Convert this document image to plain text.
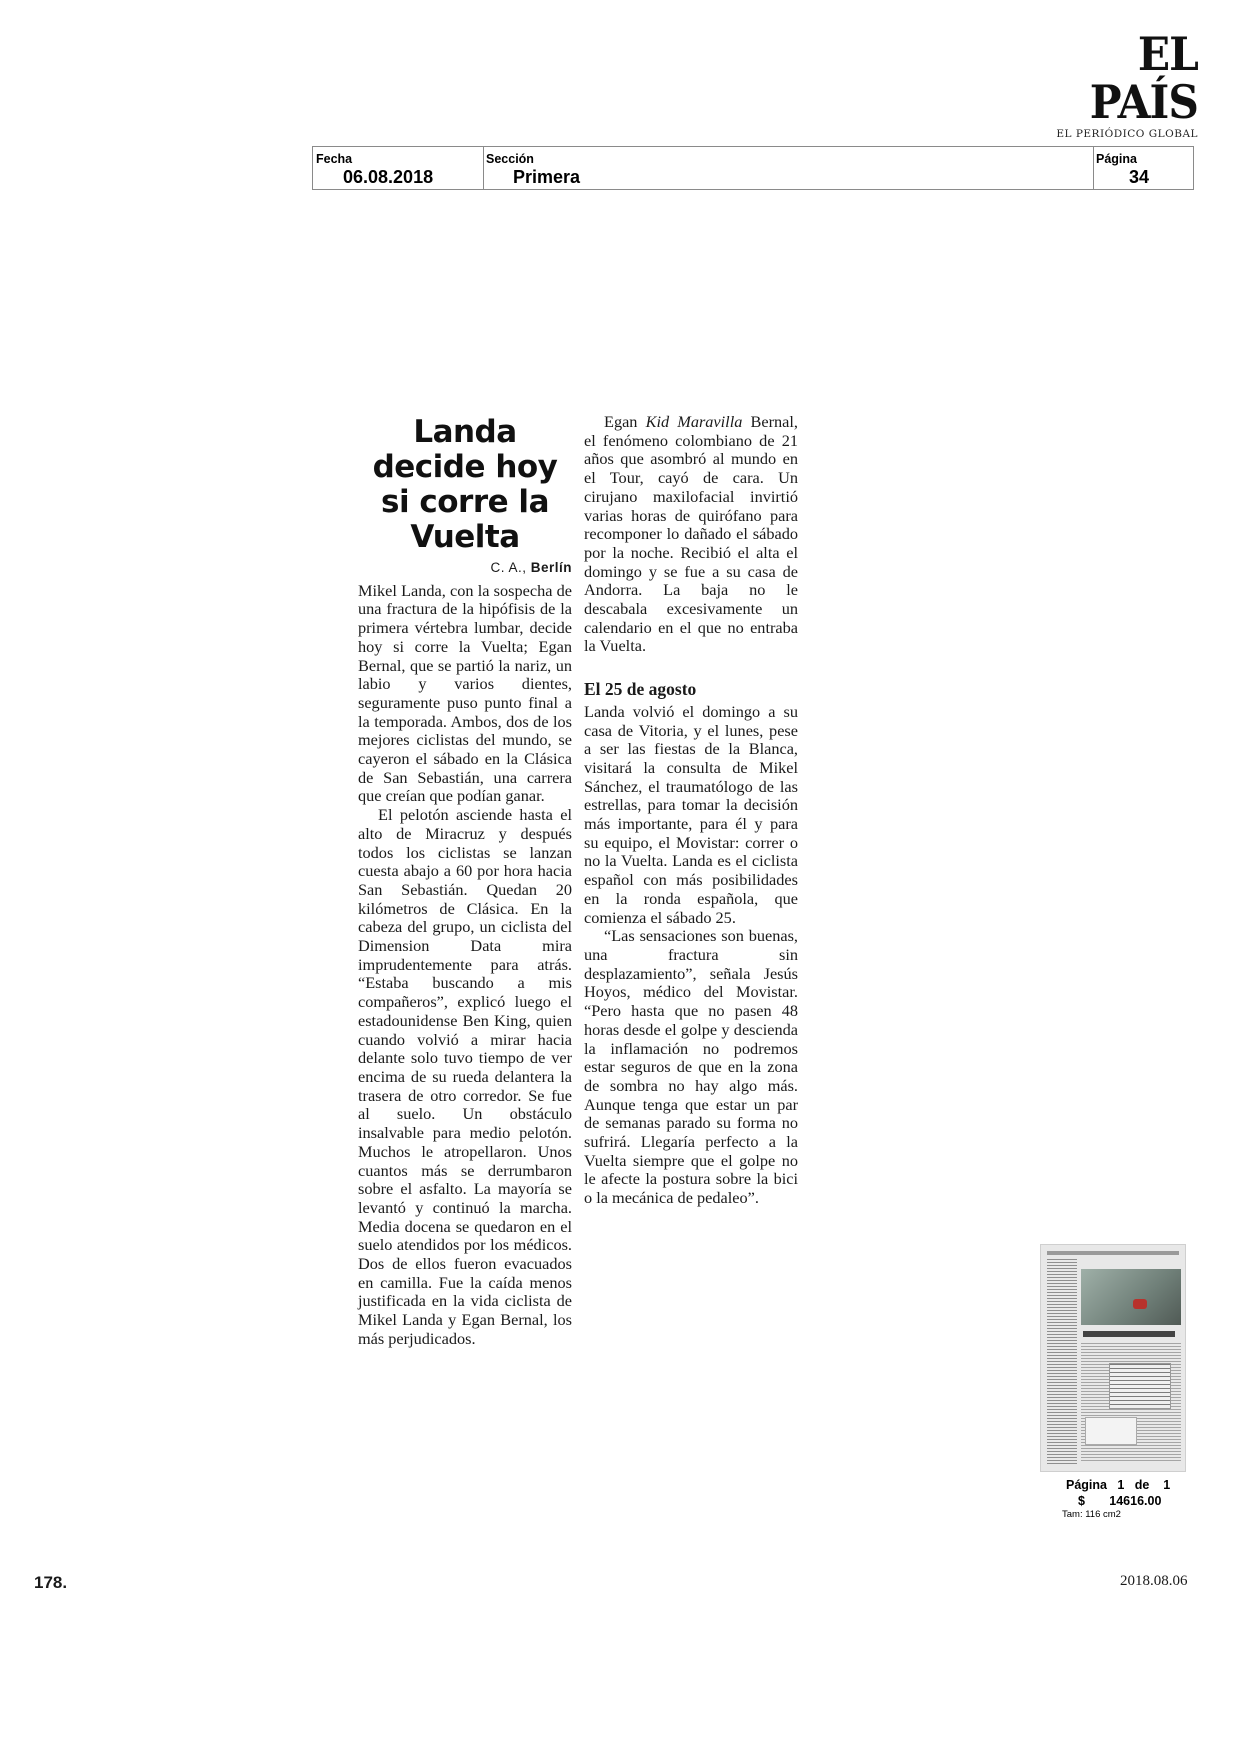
EL PAÍS
EL PERIÓDICO GLOBAL
Fecha
06.08.2018
Sección
Primera
Página
34
Landa decide hoy si corre la Vuelta
C. A., Berlín

Mikel Landa, con la sospecha de una fractura de la hipófisis de la primera vértebra lumbar, decide hoy si corre la Vuelta; Egan Bernal, que se partió la nariz, un labio y varios dientes, seguramente puso punto final a la temporada. Ambos, dos de los mejores ciclistas del mundo, se cayeron el sábado en la Clásica de San Sebastián, una carrera que creían que podían ganar.

El pelotón asciende hasta el alto de Miracruz y después todos los ciclistas se lanzan cuesta abajo a 60 por hora hacia San Sebastián. Quedan 20 kilómetros de Clásica. En la cabeza del grupo, un ciclista del Dimension Data mira imprudentemente para atrás. “Estaba buscando a mis compañeros”, explicó luego el estadounidense Ben King, quien cuando volvió a mirar hacia delante solo tuvo tiempo de ver encima de su rueda delantera la trasera de otro corredor. Se fue al suelo. Un obstáculo insalvable para medio pelotón. Muchos le atropellaron. Unos cuantos más se derrumbaron sobre el asfalto. La mayoría se levantó y continuó la marcha. Media docena se quedaron en el suelo atendidos por los médicos. Dos de ellos fueron evacuados en camilla. Fue la caída menos justificada en la vida ciclista de Mikel Landa y Egan Bernal, los más perjudicados.

Egan Kid Maravilla Bernal, el fenómeno colombiano de 21 años que asombró al mundo en el Tour, cayó de cara. Un cirujano maxilofacial invirtió varias horas de quirófano para recomponer lo dañado el sábado por la noche. Recibió el alta el domingo y se fue a su casa de Andorra. La baja no le descabala excesivamente un calendario en el que no entraba la Vuelta.

El 25 de agosto

Landa volvió el domingo a su casa de Vitoria, y el lunes, pese a ser las fiestas de la Blanca, visitará la consulta de Mikel Sánchez, el traumatólogo de las estrellas, para tomar la decisión más importante, para él y para su equipo, el Movistar: correr o no la Vuelta. Landa es el ciclista español con más posibilidades en la ronda española, que comienza el sábado 25.

“Las sensaciones son buenas, una fractura sin desplazamiento”, señala Jesús Hoyos, médico del Movistar. “Pero hasta que no pasen 48 horas desde el golpe y descienda la inflamación no podremos estar seguros de que en la zona de sombra no hay algo más. Aunque tenga que estar un par de semanas parado su forma no sufrirá. Llegaría perfecto a la Vuelta siempre que el golpe no le afecte la postura sobre la bici o la mecánica de pedaleo”.

Página 1 de 1
$ 14616.00
Tam: 116 cm2
178.	2018.08.06
